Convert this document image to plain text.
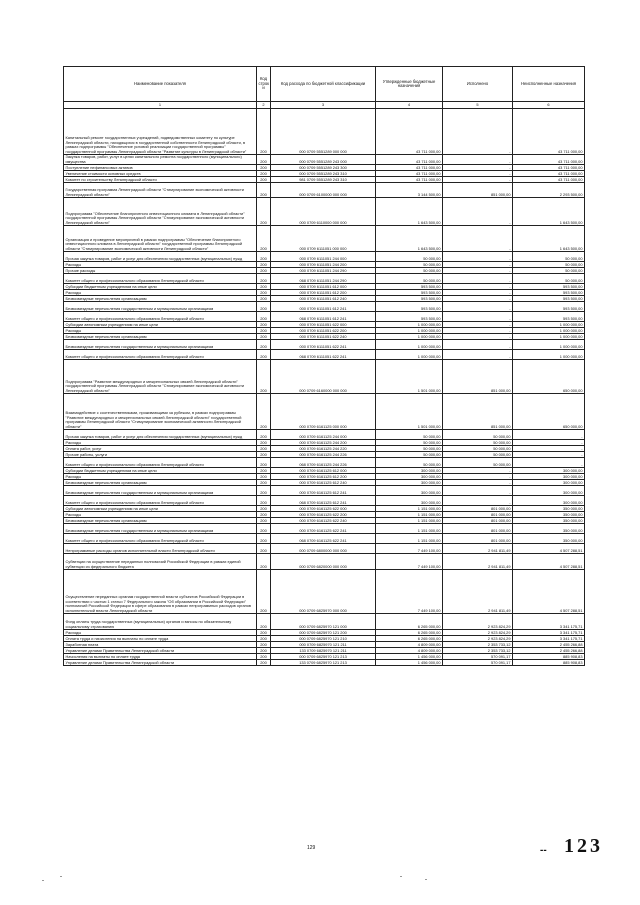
Наименование показателя	Код строк и	Код расхода по бюджетной классификации	Утвержденные бюджетные назначения	Исполнено	Неисполненные назначения
1	2	3	4	5	6
Капитальный ремонт государственных учреждений, подведомственных комитету по культуре Ленинградской области, находящихся в государственной собственности Ленинградской области, в рамках подпрограммы "Обеспечение условий реализации государственной программы" государственной программы Ленинградской области "Развитие культуры в Ленинградской области"	200	000 0709 5551289 000 000	43 711 000,00	-	43 711 000,00
Закупка товаров, работ, услуг в целях капитального ремонта государственного (муниципального) имущества	200	000 0709 5551289 243 000	43 711 000,00	-	43 711 000,00
Поступление нефинансовых активов	200	000 0709 5551289 243 300	43 711 000,00	-	43 711 000,00
Увеличение стоимости основных средств	200	000 0709 5551289 243 310	43 711 000,00	-	43 711 000,00
Комитет по строительству Ленинградской области	200	981 0709 5551289 243 310	43 711 000,00	-	43 711 000,00
Государственная программа Ленинградской области "Стимулирование экономической активности Ленинградской области"	200	000 0709 6100000 000 000	3 144 500,00	851 000,00	2 293 500,00
Подпрограмма "Обеспечение благоприятного инвестиционного климата в Ленинградской области" государственной программы Ленинградской области "Стимулирование экономической активности Ленинградской области"	200	000 0709 6110000 000 000	1 643 500,00	-	1 643 500,00
Организация и проведение мероприятий в рамках подпрограммы "Обеспечение благоприятного инвестиционного климата в Ленинградской области" государственной программы Ленинградской области "Стимулирование экономической активности Ленинградской области"	200	000 0709 6111051 000 000	1 643 500,00	-	1 643 500,00
Прочая закупка товаров, работ и услуг для обеспечения государственных (муниципальных) нужд	200	000 0709 6111051 244 000	50 000,00	-	50 000,00
Расходы	200	000 0709 6111051 244 200	50 000,00	-	50 000,00
Прочие расходы	200	000 0709 6111051 244 290	50 000,00	-	50 000,00
Комитет общего и профессионального образования Ленинградской области	200	068 0709 6111051 244 290	50 000,00	-	50 000,00
Субсидии бюджетным учреждениям на иные цели	200	000 0709 6111051 612 000	593 500,00	-	593 500,00
Расходы	200	000 0709 6111051 612 200	593 500,00	-	593 500,00
Безвозмездные перечисления организациям	200	000 0709 6111051 612 240	593 500,00	-	593 500,00
Безвозмездные перечисления государственным и муниципальным организациям	200	000 0709 6111051 612 241	593 500,00	-	593 500,00
Комитет общего и профессионального образования Ленинградской области	200	068 0709 6111051 612 241	593 500,00	-	593 500,00
Субсидии автономным учреждениям на иные цели	200	000 0709 6111051 622 000	1 000 000,00	-	1 000 000,00
Расходы	200	000 0709 6111051 622 200	1 000 000,00	-	1 000 000,00
Безвозмездные перечисления организациям	200	000 0709 6111051 622 240	1 000 000,00	-	1 000 000,00
Безвозмездные перечисления государственным и муниципальным организациям	200	000 0709 6111051 622 241	1 000 000,00	-	1 000 000,00
Комитет общего и профессионального образования Ленинградской области	200	068 0709 6111051 622 241	1 000 000,00	-	1 000 000,00
Подпрограмма "Развитие международных и межрегиональных связей Ленинградской области" государственной программы Ленинградской области "Стимулирование экономической активности Ленинградской области"	200	000 0709 6160000 000 000	1 501 000,00	851 000,00	650 000,00
Взаимодействие с соотечественниками, проживающими за рубежом, в рамках подпрограммы "Развитие международных и межрегиональных связей Ленинградской области" государственной программы Ленинградской области "Стимулирование экономической активности Ленинградской области"	200	000 0709 6161125 000 000	1 501 000,00	851 000,00	650 000,00
Прочая закупка товаров, работ и услуг для обеспечения государственных (муниципальных) нужд	200	000 0709 6161125 244 000	50 000,00	50 000,00	-
Расходы	200	000 0709 6161125 244 200	50 000,00	50 000,00	-
Оплата работ, услуг	200	000 0709 6161125 244 220	50 000,00	50 000,00	-
Прочие работы, услуги	200	000 0709 6161125 244 226	50 000,00	50 000,00	-
Комитет общего и профессионального образования Ленинградской области	200	068 0709 6161125 244 226	50 000,00	50 000,00	-
Субсидии бюджетным учреждениям на иные цели	200	000 0709 6161125 612 000	300 000,00	-	300 000,00
Расходы	200	000 0709 6161125 612 200	300 000,00	-	300 000,00
Безвозмездные перечисления организациям	200	000 0709 6161125 612 240	300 000,00	-	300 000,00
Безвозмездные перечисления государственным и муниципальным организациям	200	000 0709 6161125 612 241	300 000,00	-	300 000,00
Комитет общего и профессионального образования Ленинградской области	200	068 0709 6161125 612 241	300 000,00	-	300 000,00
Субсидии автономным учреждениям на иные цели	200	000 0709 6161125 622 000	1 151 000,00	801 000,00	350 000,00
Расходы	200	000 0709 6161125 622 200	1 151 000,00	801 000,00	350 000,00
Безвозмездные перечисления организациям	200	000 0709 6161125 622 240	1 151 000,00	801 000,00	350 000,00
Безвозмездные перечисления государственным и муниципальным организациям	200	000 0709 6161125 622 241	1 151 000,00	801 000,00	350 000,00
Комитет общего и профессионального образования Ленинградской области	200	068 0709 6161125 622 241	1 151 000,00	801 000,00	350 000,00
Непрограммные расходы органов исполнительной власти Ленинградской области	200	000 0709 6800000 000 000	7 449 100,00	2 941 811,49	4 507 288,51
Субвенции на осуществление переданных полномочий Российской Федерации в рамках единой субвенции из федерального бюджета	200	000 0709 6820000 000 000	7 449 100,00	2 941 811,49	4 507 288,51
Осуществление переданных органам государственной власти субъектов Российской Федерации в соответствии с частью 1 статьи 7 Федерального закона "Об образовании в Российской Федерации" полномочий Российской Федерации в сфере образования в рамках непрограммных расходов органов исполнительной власти Ленинградской области	200	000 0709 6825970 000 000	7 449 100,00	2 941 811,49	4 507 288,51
Фонд оплаты труда государственных (муниципальных) органов и взносы по обязательному социальному страхованию	200	000 0709 6825970 121 000	6 265 000,00	2 923 824,29	3 341 175,71
Расходы	200	000 0709 6825970 121 200	6 265 000,00	2 923 824,29	3 341 175,71
Оплата труда и начисления на выплаты по оплате труда	200	000 0709 6825970 121 210	6 265 000,00	2 923 824,29	3 341 175,71
Заработная плата	200	000 0709 6825970 121 211	4 809 000,00	2 353 733,12	2 455 266,88
Управление делами Правительства Ленинградской области	200	133 0709 6825970 121 211	4 809 000,00	2 353 733,12	2 455 266,88
Начисления на выплаты по оплате труда	200	000 0709 6825970 121 213	1 456 000,00	570 091,17	885 908,83
Управление делами Правительства Ленинградской области	200	133 0709 6825970 121 213	1 456 000,00	570 091,17	885 908,83
129	-- 123
